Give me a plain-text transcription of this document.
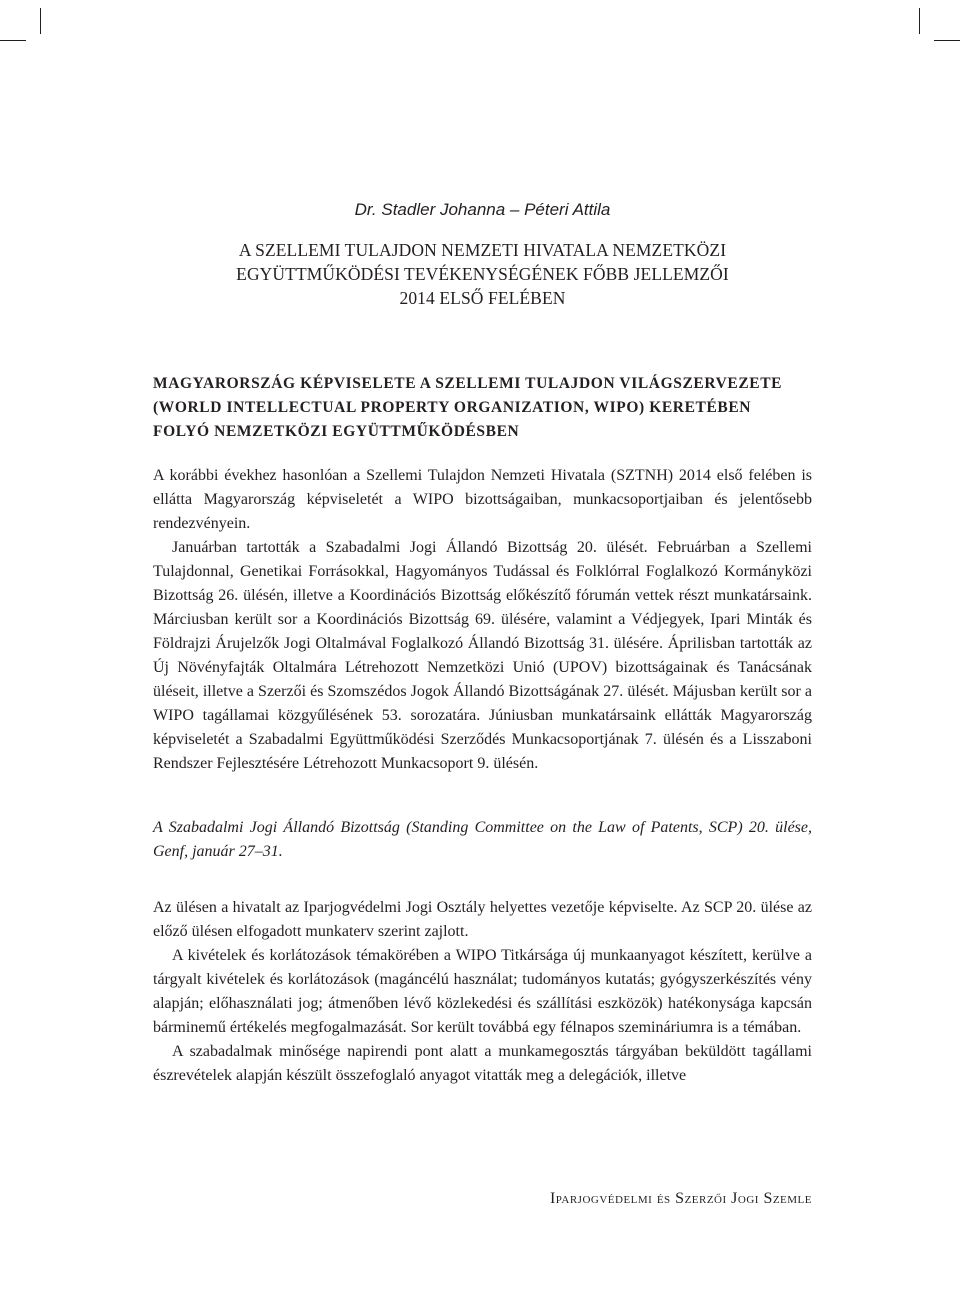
Dr. Stadler Johanna – Péteri Attila
A SZELLEMI TULAJDON NEMZETI HIVATALA NEMZETKÖZI
EGYÜTTMŰKÖDÉSI TEVÉKENYSÉGÉNEK FŐBB JELLEMZŐI
2014 ELSŐ FELÉBEN
MAGYARORSZÁG KÉPVISELETE A SZELLEMI TULAJDON VILÁGSZERVEZETE
(WORLD INTELLECTUAL PROPERTY ORGANIZATION, WIPO) KERETÉBEN
FOLYÓ NEMZETKÖZI EGYÜTTMŰKÖDÉSBEN

A korábbi évekhez hasonlóan a Szellemi Tulajdon Nemzeti Hivatala (SZTNH) 2014 első felében is ellátta Magyarország képviseletét a WIPO bizottságaiban, munkacsoportjaiban és jelentősebb rendezvényein.

Januárban tartották a Szabadalmi Jogi Állandó Bizottság 20. ülését. Februárban a Szellemi Tulajdonnal, Genetikai Forrásokkal, Hagyományos Tudással és Folklórral Foglalkozó Kormányközi Bizottság 26. ülésén, illetve a Koordinációs Bizottság előkészítő fórumán vettek részt munkatársaink. Márciusban került sor a Koordinációs Bizottság 69. ülésére, valamint a Védjegyek, Ipari Minták és Földrajzi Árujelzők Jogi Oltalmával Foglalkozó Állandó Bizottság 31. ülésére. Áprilisban tartották az Új Növényfajták Oltalmára Létrehozott Nemzetközi Unió (UPOV) bizottságainak és Tanácsának üléseit, illetve a Szerzői és Szomszédos Jogok Állandó Bizottságának 27. ülését. Májusban került sor a WIPO tagállamai közgyűlésének 53. sorozatára. Júniusban munkatársaink ellátták Magyarország képviseletét a Szabadalmi Együttműködési Szerződés Munkacsoportjának 7. ülésén és a Lisszaboni Rendszer Fejlesztésére Létrehozott Munkacsoport 9. ülésén.

A Szabadalmi Jogi Állandó Bizottság (Standing Committee on the Law of Patents, SCP) 20. ülése, Genf, január 27–31.

Az ülésen a hivatalt az Iparjogvédelmi Jogi Osztály helyettes vezetője képviselte. Az SCP 20. ülése az előző ülésen elfogadott munkaterv szerint zajlott.

A kivételek és korlátozások témakörében a WIPO Titkársága új munkaanyagot készített, kerülve a tárgyalt kivételek és korlátozások (magáncélú használat; tudományos kutatás; gyógyszerkészítés vény alapján; előhasználati jog; átmenőben lévő közlekedési és szállítási eszközök) hatékonysága kapcsán bárminemű értékelés megfogalmazását. Sor került továbbá egy félnapos szemináriumra is a témában.

A szabadalmak minősége napirendi pont alatt a munkamegosztás tárgyában beküldött tagállami észrevételek alapján készült összefoglaló anyagot vitatták meg a delegációk, illetve

Iparjogvédelmi és Szerzői Jogi Szemle
